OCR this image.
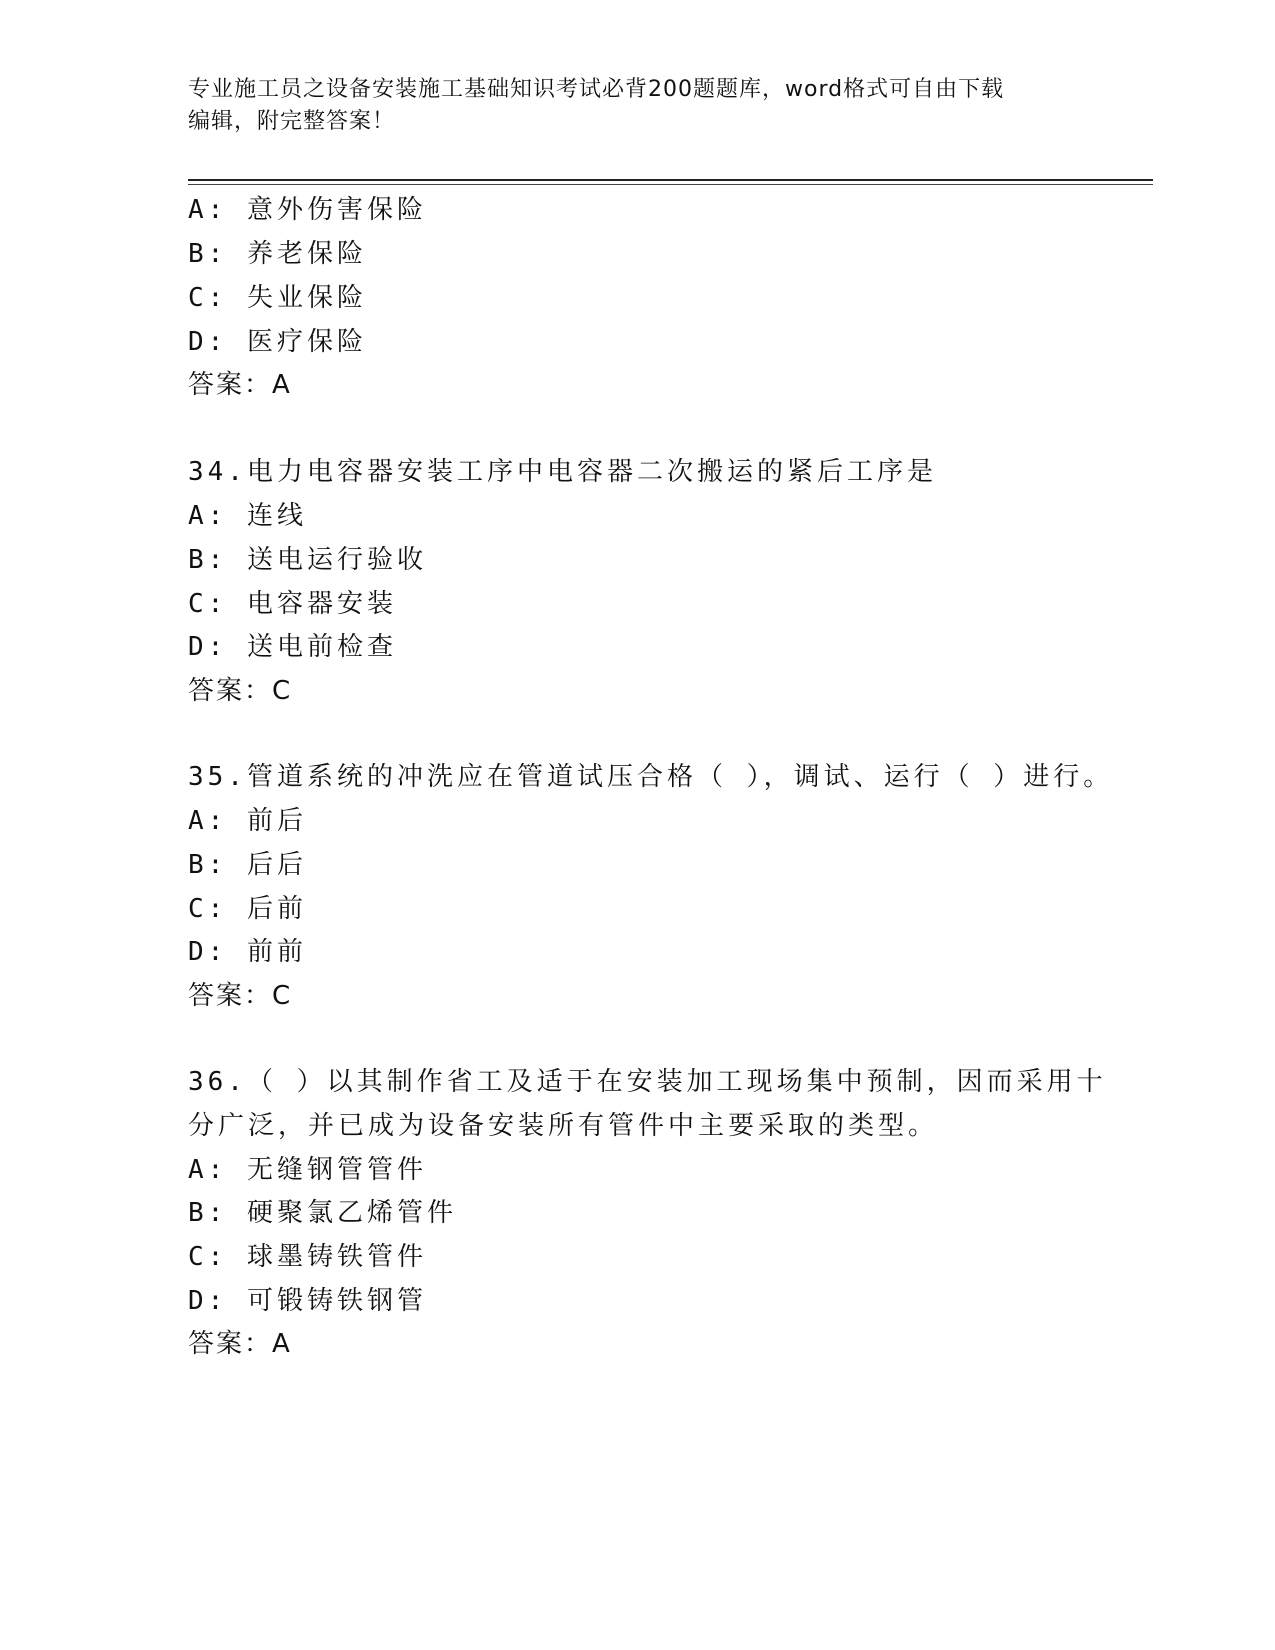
专业施工员之设备安装施工基础知识考试必背200题题库，word格式可自由下载
编辑，附完整答案！
A: 意外伤害保险
B: 养老保险
C: 失业保险
D: 医疗保险
答案：A
34.电力电容器安装工序中电容器二次搬运的紧后工序是
A: 连线
B: 送电运行验收
C: 电容器安装
D: 送电前检查
答案：C
35.管道系统的冲洗应在管道试压合格（ ），调试、运行（ ）进行。
A: 前后
B: 后后
C: 后前
D: 前前
答案：C
36.（ ）以其制作省工及适于在安装加工现场集中预制，因而采用十
分广泛，并已成为设备安装所有管件中主要采取的类型。
A: 无缝钢管管件
B: 硬聚氯乙烯管件
C: 球墨铸铁管件
D: 可锻铸铁钢管
答案：A
